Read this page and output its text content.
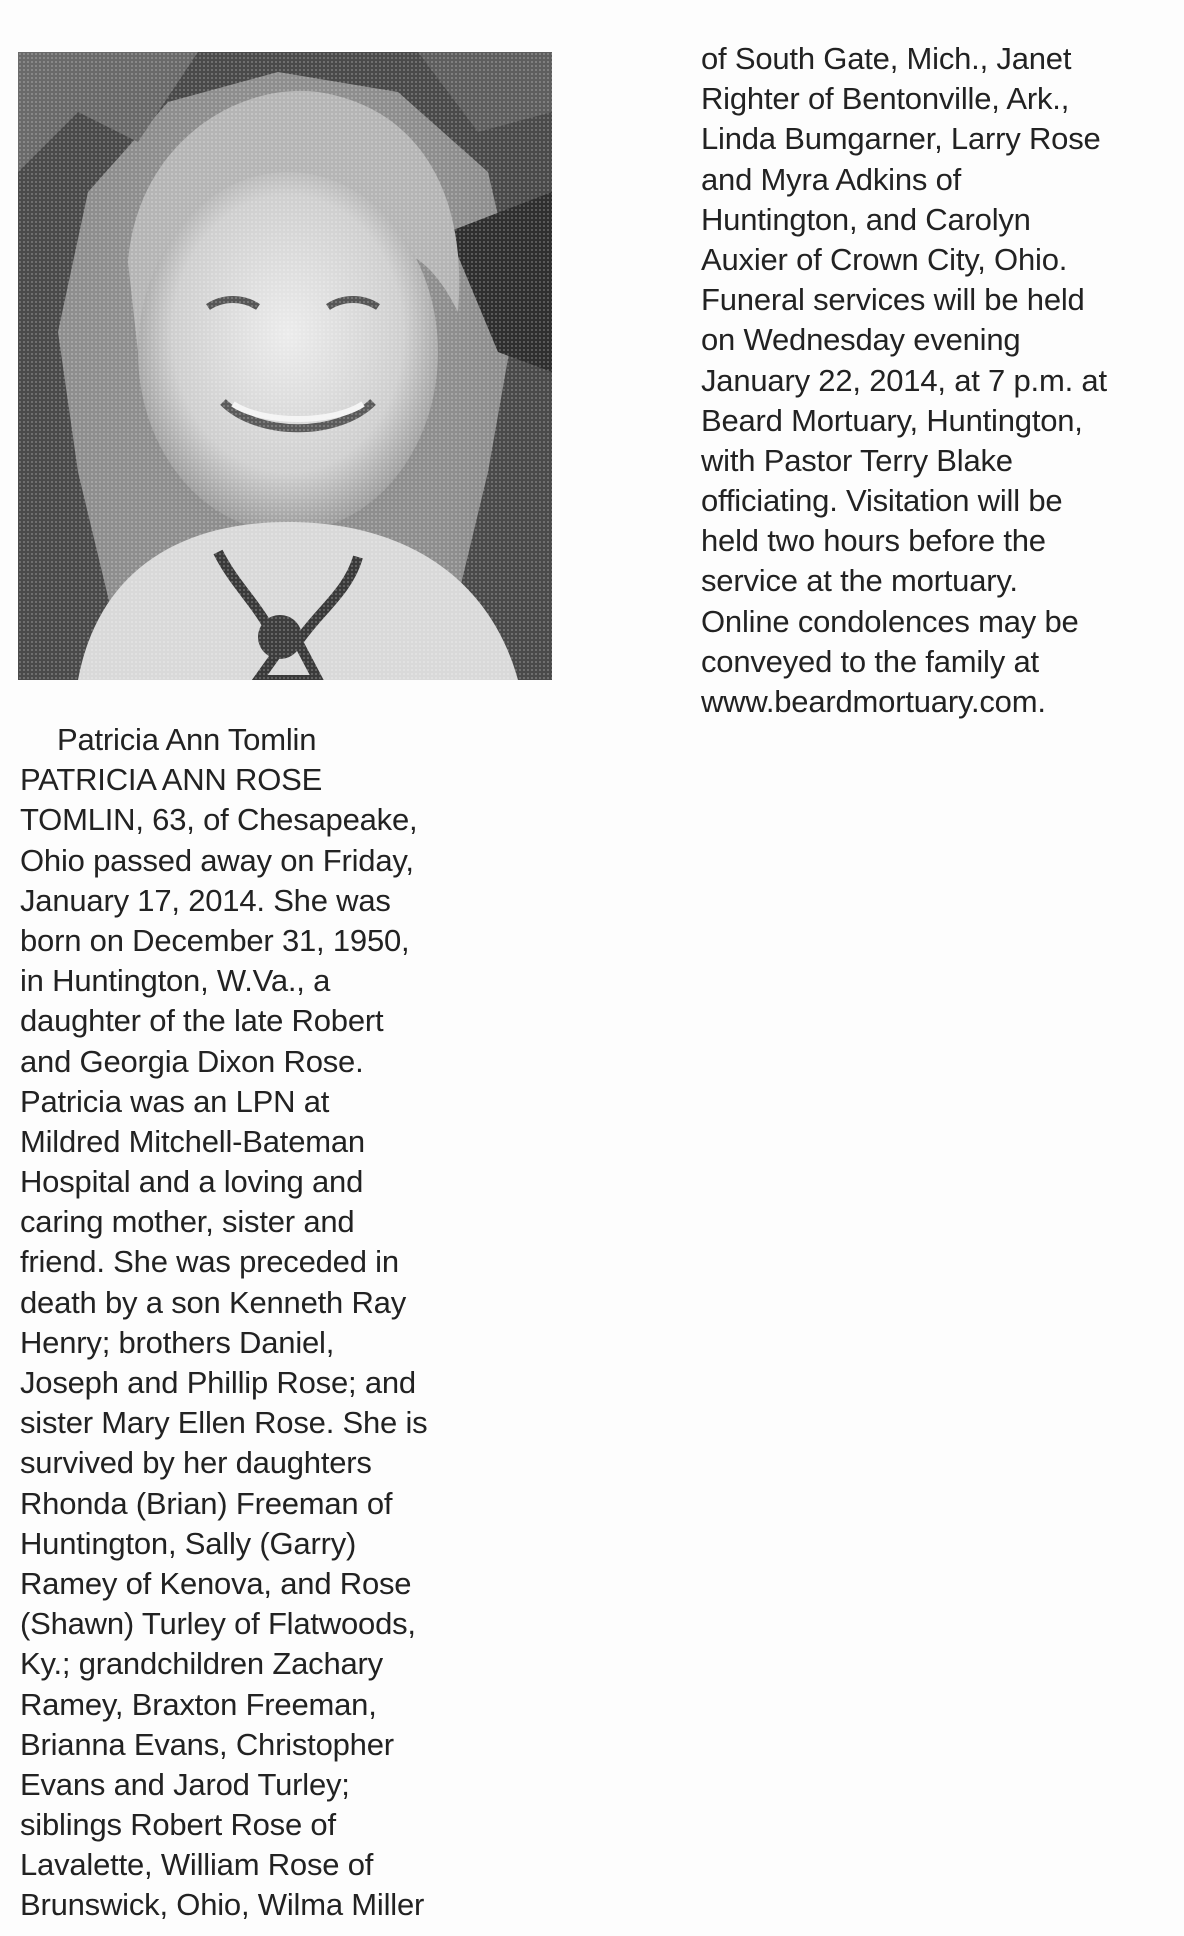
Patricia Ann Tomlin
PATRICIA ANN ROSE
TOMLIN, 63, of Chesapeake,
Ohio passed away on Friday,
January 17, 2014. She was
born on December 31, 1950,
in Huntington, W.Va., a
daughter of the late Robert
and Georgia Dixon Rose.
Patricia was an LPN at
Mildred Mitchell-Bateman
Hospital and a loving and
caring mother, sister and
friend. She was preceded in
death by a son Kenneth Ray
Henry; brothers Daniel,
Joseph and Phillip Rose; and
sister Mary Ellen Rose. She is
survived by her daughters
Rhonda (Brian) Freeman of
Huntington, Sally (Garry)
Ramey of Kenova, and Rose
(Shawn) Turley of Flatwoods,
Ky.; grandchildren Zachary
Ramey, Braxton Freeman,
Brianna Evans, Christopher
Evans and Jarod Turley;
siblings Robert Rose of
Lavalette, William Rose of
Brunswick, Ohio, Wilma Miller
of South Gate, Mich., Janet
Righter of Bentonville, Ark.,
Linda Bumgarner, Larry Rose
and Myra Adkins of
Huntington, and Carolyn
Auxier of Crown City, Ohio.
Funeral services will be held
on Wednesday evening
January 22, 2014, at 7 p.m. at
Beard Mortuary, Huntington,
with Pastor Terry Blake
officiating. Visitation will be
held two hours before the
service at the mortuary.
Online condolences may be
conveyed to the family at
www.beardmortuary.com.
